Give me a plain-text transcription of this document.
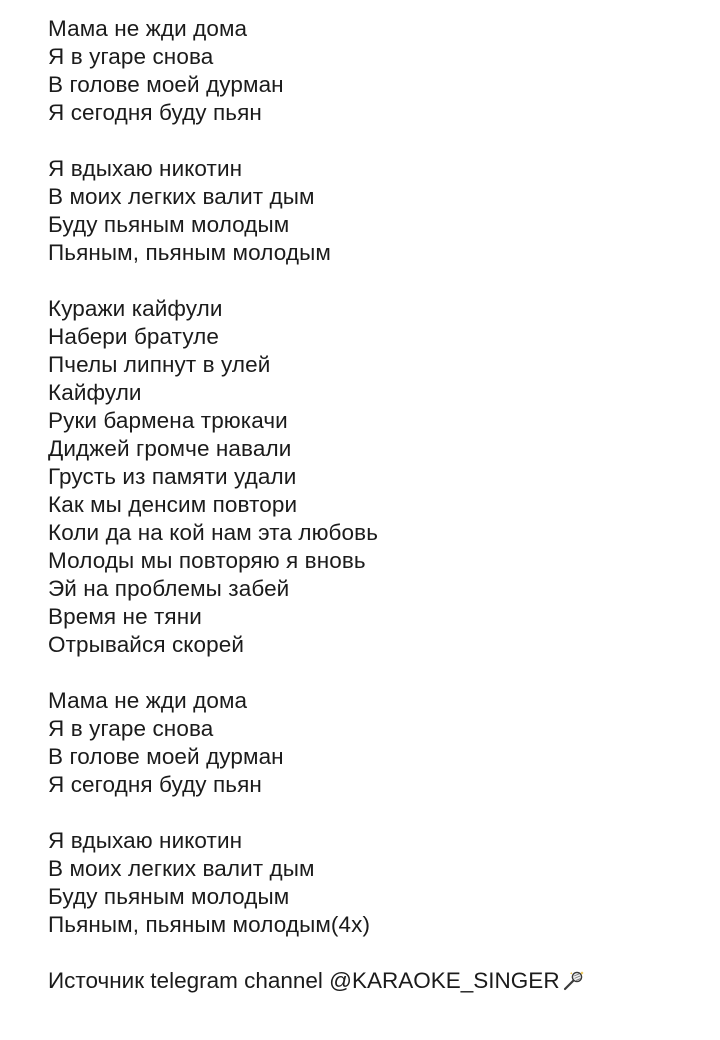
Мама не жди дома
Я в угаре снова
В голове моей дурман
Я сегодня буду пьян
Я вдыхаю никотин
В моих легких валит дым
Буду пьяным молодым
Пьяным, пьяным молодым
Куражи кайфули
Набери братуле
Пчелы липнут в улей
Кайфули
Руки бармена трюкачи
Диджей громче навали
Грусть из памяти удали
Как мы денсим повтори
Коли да на кой нам эта любовь
Молоды мы повторяю я вновь
Эй на проблемы забей
Время не тяни
Отрывайся скорей
Мама не жди дома
Я в угаре снова
В голове моей дурман
Я сегодня буду пьян
Я вдыхаю никотин
В моих легких валит дым
Буду пьяным молодым
Пьяным, пьяным молодым(4x)
Источник telegram channel @KARAOKE_SINGER
